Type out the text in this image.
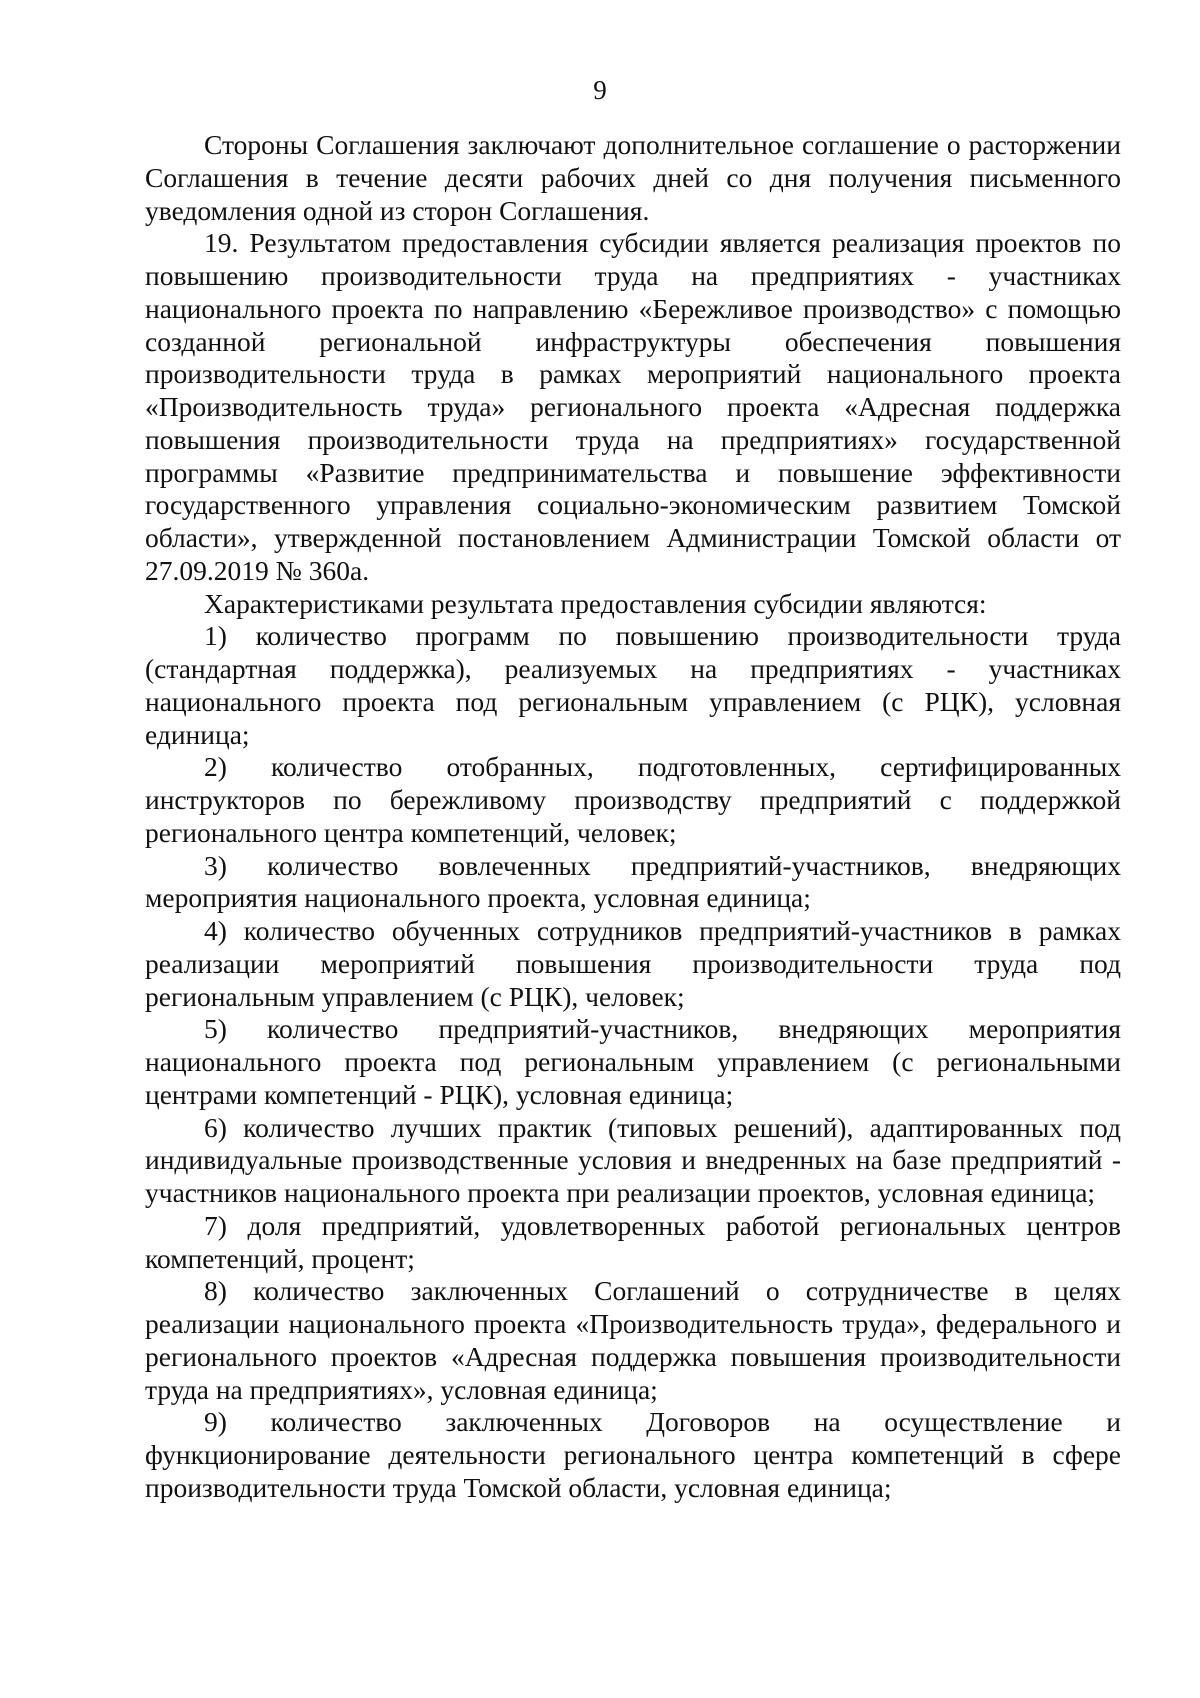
9

Стороны Соглашения заключают дополнительное соглашение о расторжении Соглашения в течение десяти рабочих дней со дня получения письменного уведомления одной из сторон Соглашения.

19. Результатом предоставления субсидии является реализация проектов по повышению производительности труда на предприятиях - участниках национального проекта по направлению «Бережливое производство» с помощью созданной региональной инфраструктуры обеспечения повышения производительности труда в рамках мероприятий национального проекта «Производительность труда» регионального проекта «Адресная поддержка повышения производительности труда на предприятиях» государственной программы «Развитие предпринимательства и повышение эффективности государственного управления социально-экономическим развитием Томской области», утвержденной постановлением Администрации Томской области от 27.09.2019 № 360а.

Характеристиками результата предоставления субсидии являются:

1) количество программ по повышению производительности труда (стандартная поддержка), реализуемых на предприятиях - участниках национального проекта под региональным управлением (с РЦК), условная единица;

2) количество отобранных, подготовленных, сертифицированных инструкторов по бережливому производству предприятий с поддержкой регионального центра компетенций, человек;

3) количество вовлеченных предприятий-участников, внедряющих мероприятия национального проекта, условная единица;

4) количество обученных сотрудников предприятий-участников в рамках реализации мероприятий повышения производительности труда под региональным управлением (с РЦК), человек;

5) количество предприятий-участников, внедряющих мероприятия национального проекта под региональным управлением (с региональными центрами компетенций - РЦК), условная единица;

6) количество лучших практик (типовых решений), адаптированных под индивидуальные производственные условия и внедренных на базе предприятий - участников национального проекта при реализации проектов, условная единица;

7) доля предприятий, удовлетворенных работой региональных центров компетенций, процент;

8) количество заключенных Соглашений о сотрудничестве в целях реализации национального проекта «Производительность труда», федерального и регионального проектов «Адресная поддержка повышения производительности труда на предприятиях», условная единица;

9) количество заключенных Договоров на осуществление и функционирование деятельности регионального центра компетенций в сфере производительности труда Томской области, условная единица;
